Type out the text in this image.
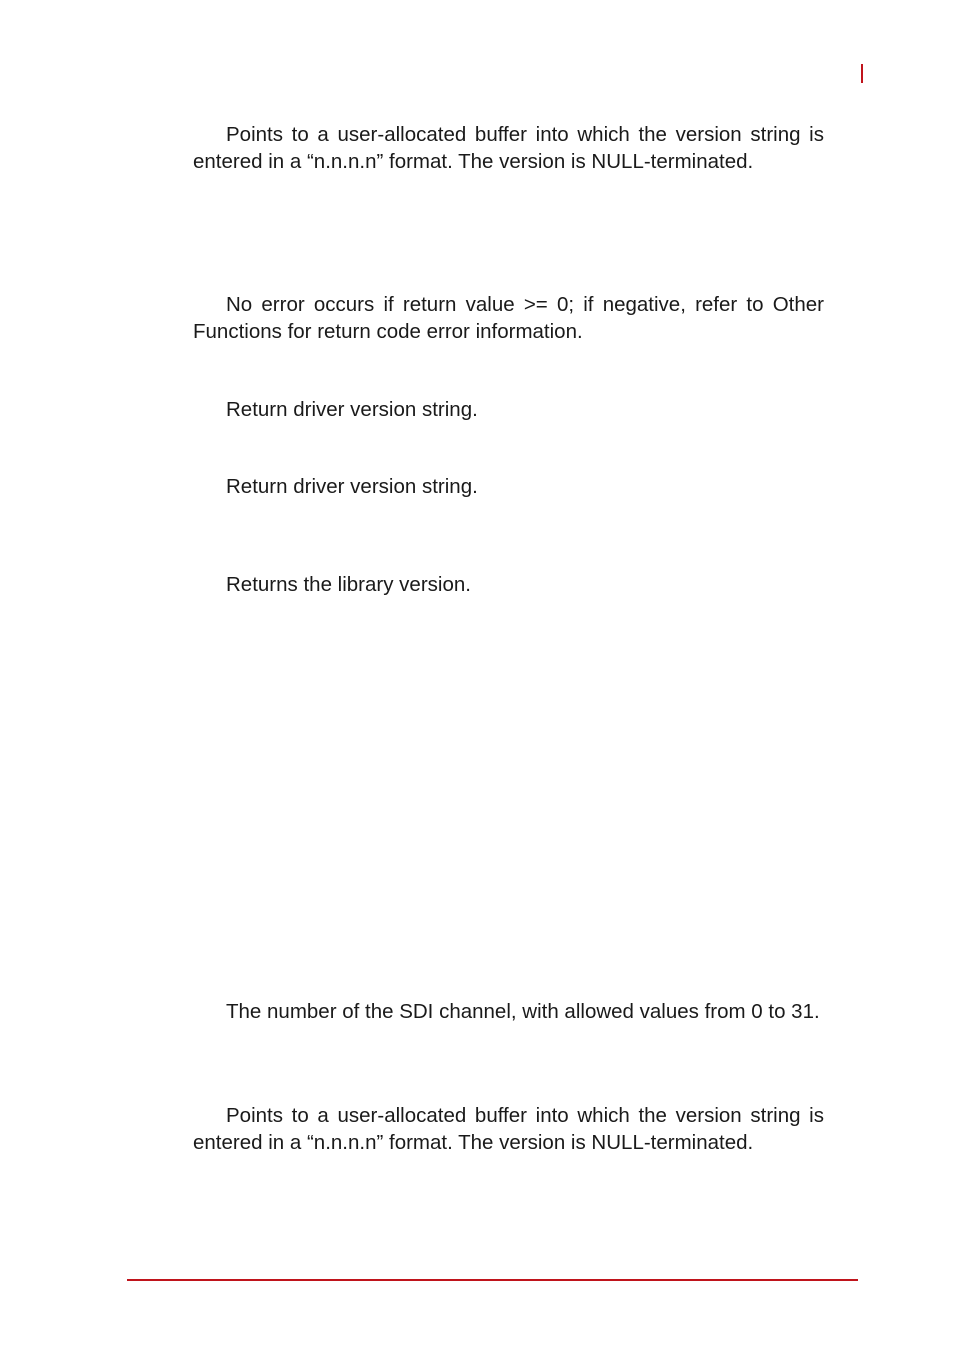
Points to a user-allocated buffer into which the version string is entered in a “n.n.n.n” format. The version is NULL-terminated.

No error occurs if return value >= 0; if negative, refer to Other Functions for return code error information.

Return driver version string.

Return driver version string.

Returns the library version.

The number of the SDI channel, with allowed values from 0 to 31.

Points to a user-allocated buffer into which the version string is entered in a “n.n.n.n” format. The version is NULL-terminated.
